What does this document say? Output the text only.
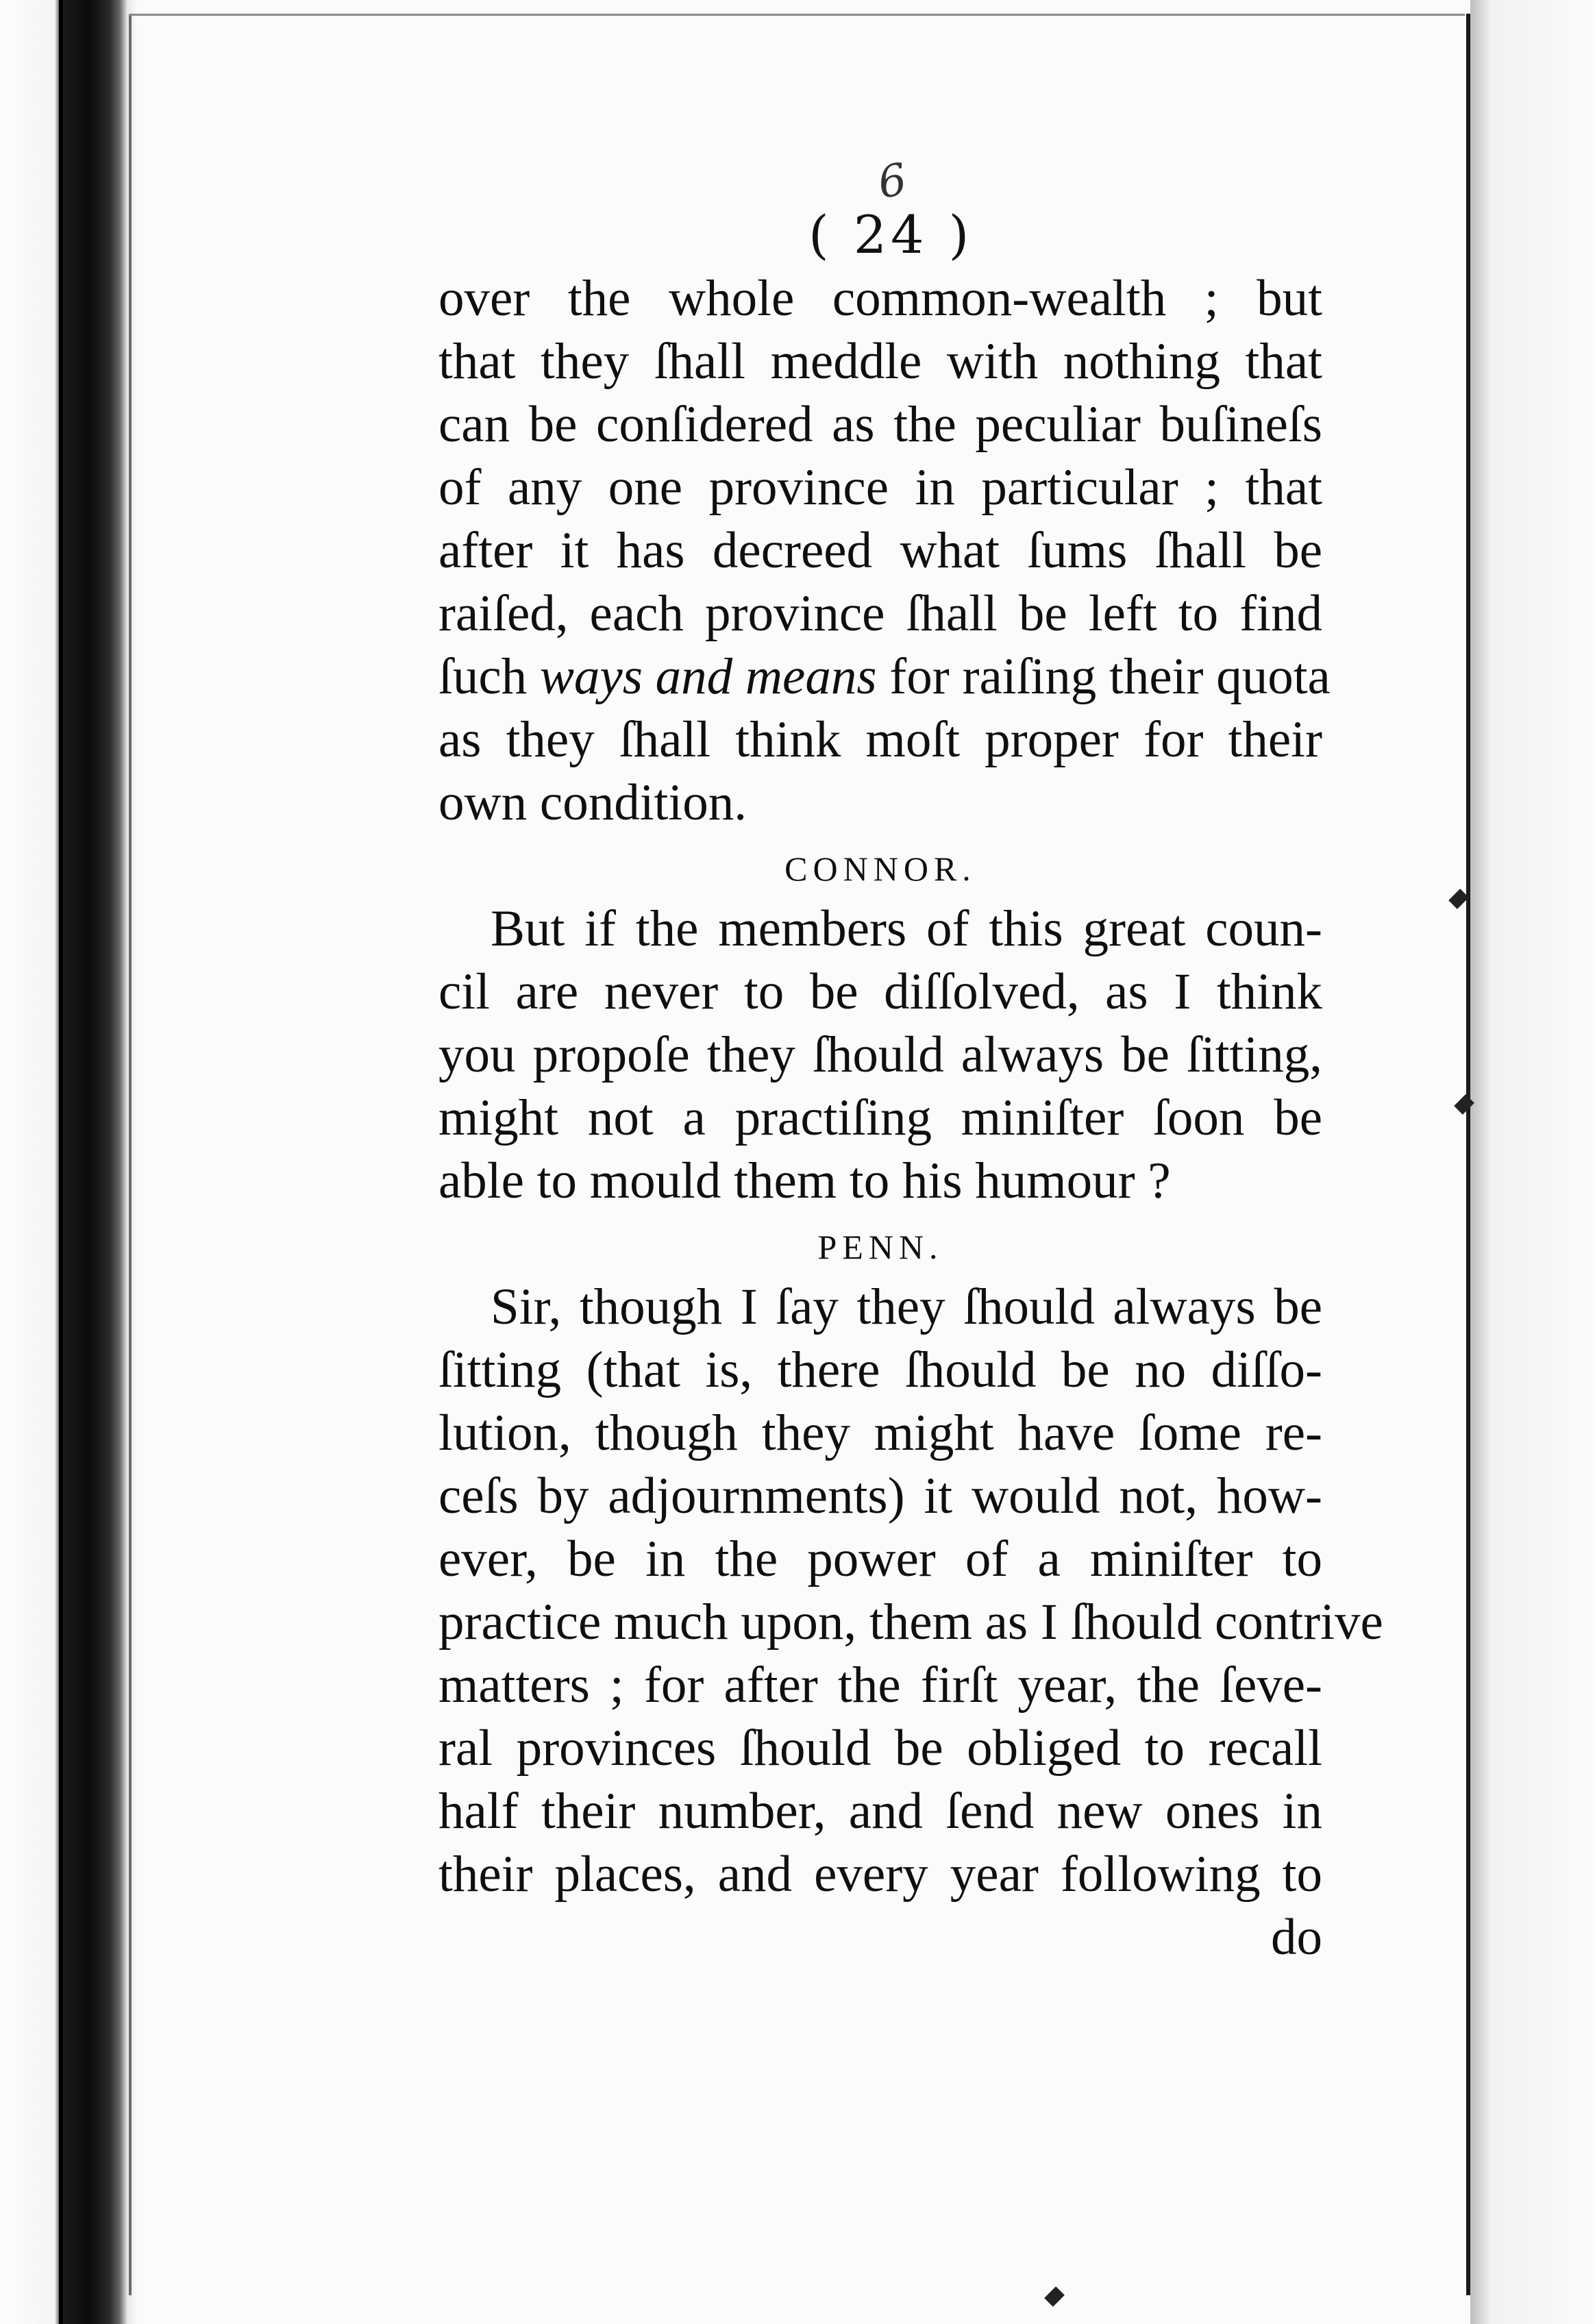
6
( 24 )
over the whole common-wealth ; but
that they ſhall meddle with nothing that
can be conſidered as the peculiar buſineſs
of any one province in particular ; that
after it has decreed what ſums ſhall be
raiſed, each province ſhall be left to find
ſuch ways and means for raiſing their quota
as they ſhall think moſt proper for their
own condition.
CONNOR.
But if the members of this great coun-
cil are never to be diſſolved, as I think
you propoſe they ſhould always be ſitting,
might not a practiſing miniſter ſoon be
able to mould them to his humour ?
PENN.
Sir, though I ſay they ſhould always be
ſitting (that is, there ſhould be no diſſo-
lution, though they might have ſome re-
ceſs by adjournments) it would not, how-
ever, be in the power of a miniſter to
practice much upon, them as I ſhould contrive
matters ; for after the firſt year, the ſeve-
ral provinces ſhould be obliged to recall
half their number, and ſend new ones in
their places, and every year following to
do
